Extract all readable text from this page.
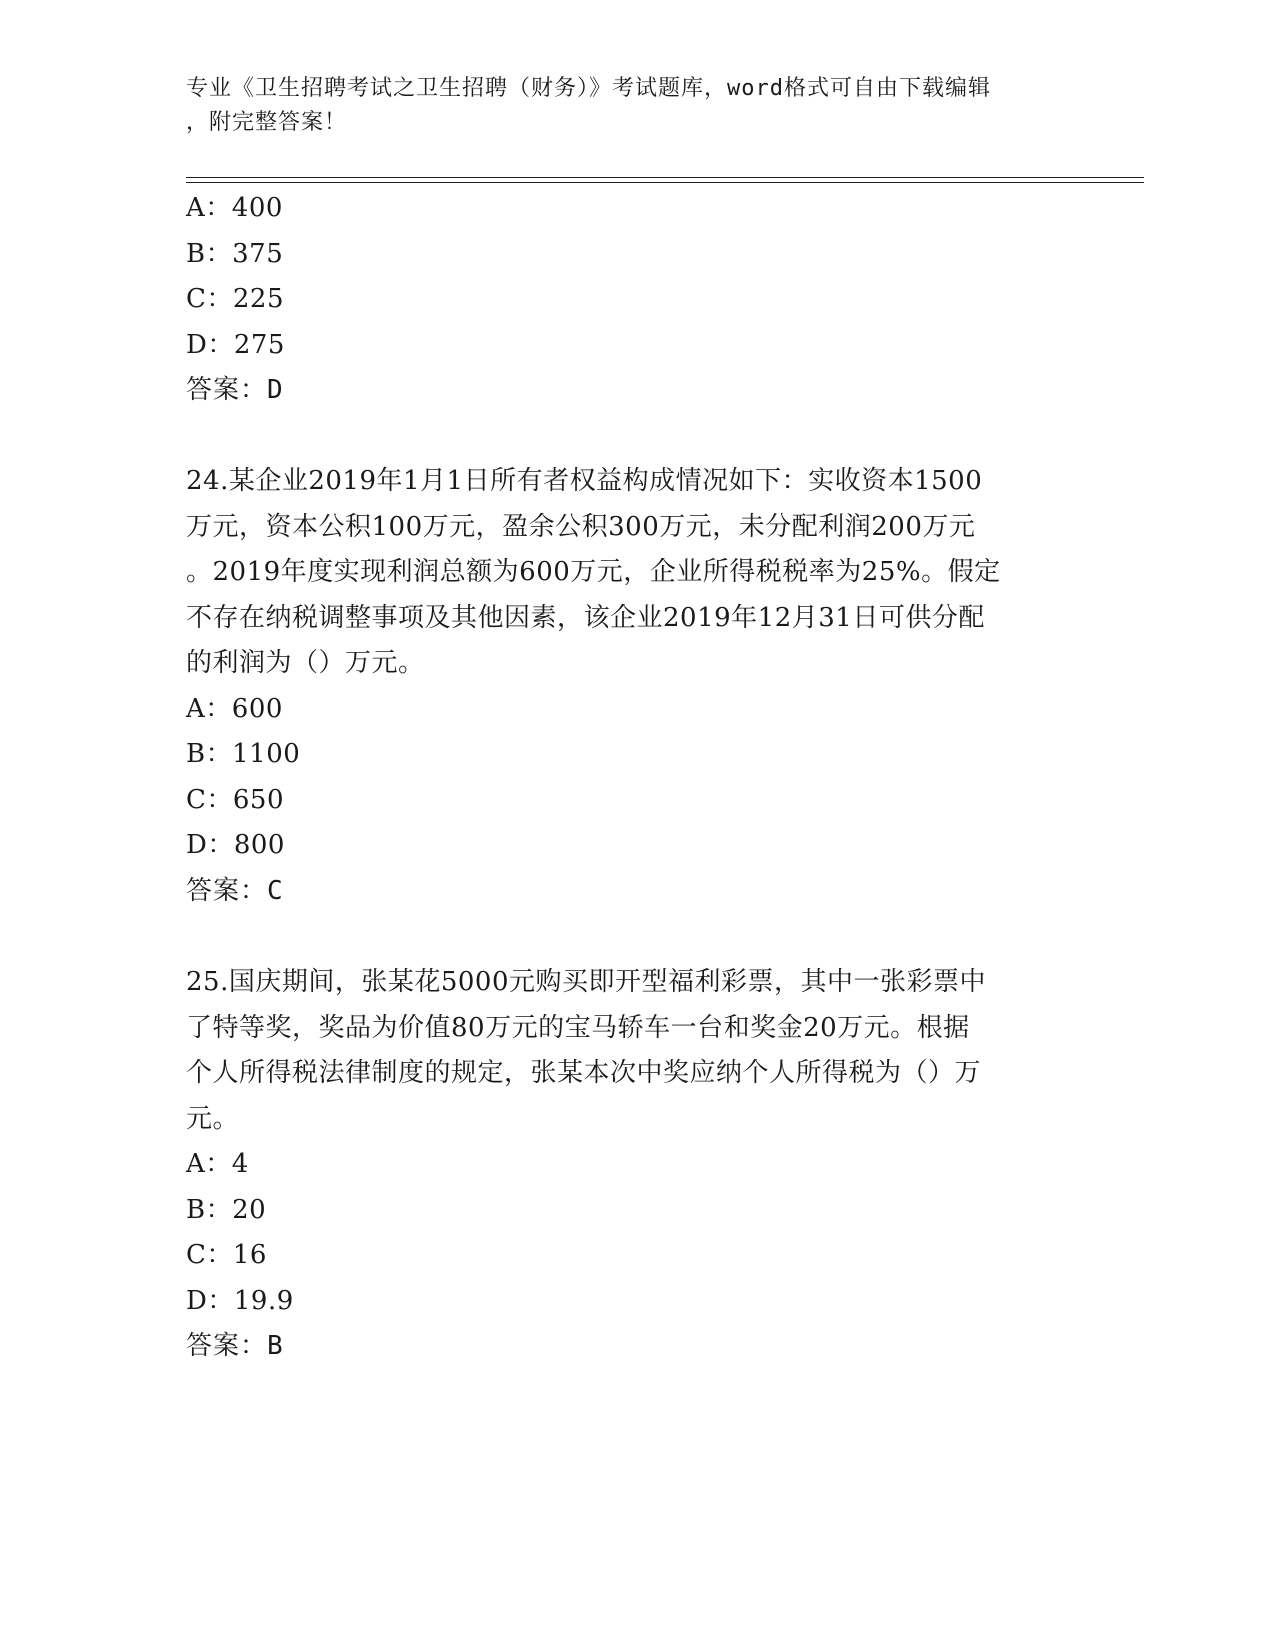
专业《卫生招聘考试之卫生招聘（财务）》考试题库，word格式可自由下载编辑
，附完整答案！
A：400
B：375
C：225
D：275
答案：D
24.某企业2019年1月1日所有者权益构成情况如下：实收资本1500
万元，资本公积100万元，盈余公积300万元，未分配利润200万元
。2019年度实现利润总额为600万元，企业所得税税率为25%。假定
不存在纳税调整事项及其他因素，该企业2019年12月31日可供分配
的利润为（）万元。
A：600
B：1100
C：650
D：800
答案：C
25.国庆期间，张某花5000元购买即开型福利彩票，其中一张彩票中
了特等奖，奖品为价值80万元的宝马轿车一台和奖金20万元。根据
个人所得税法律制度的规定，张某本次中奖应纳个人所得税为（）万
元。
A：4
B：20
C：16
D：19.9
答案：B
